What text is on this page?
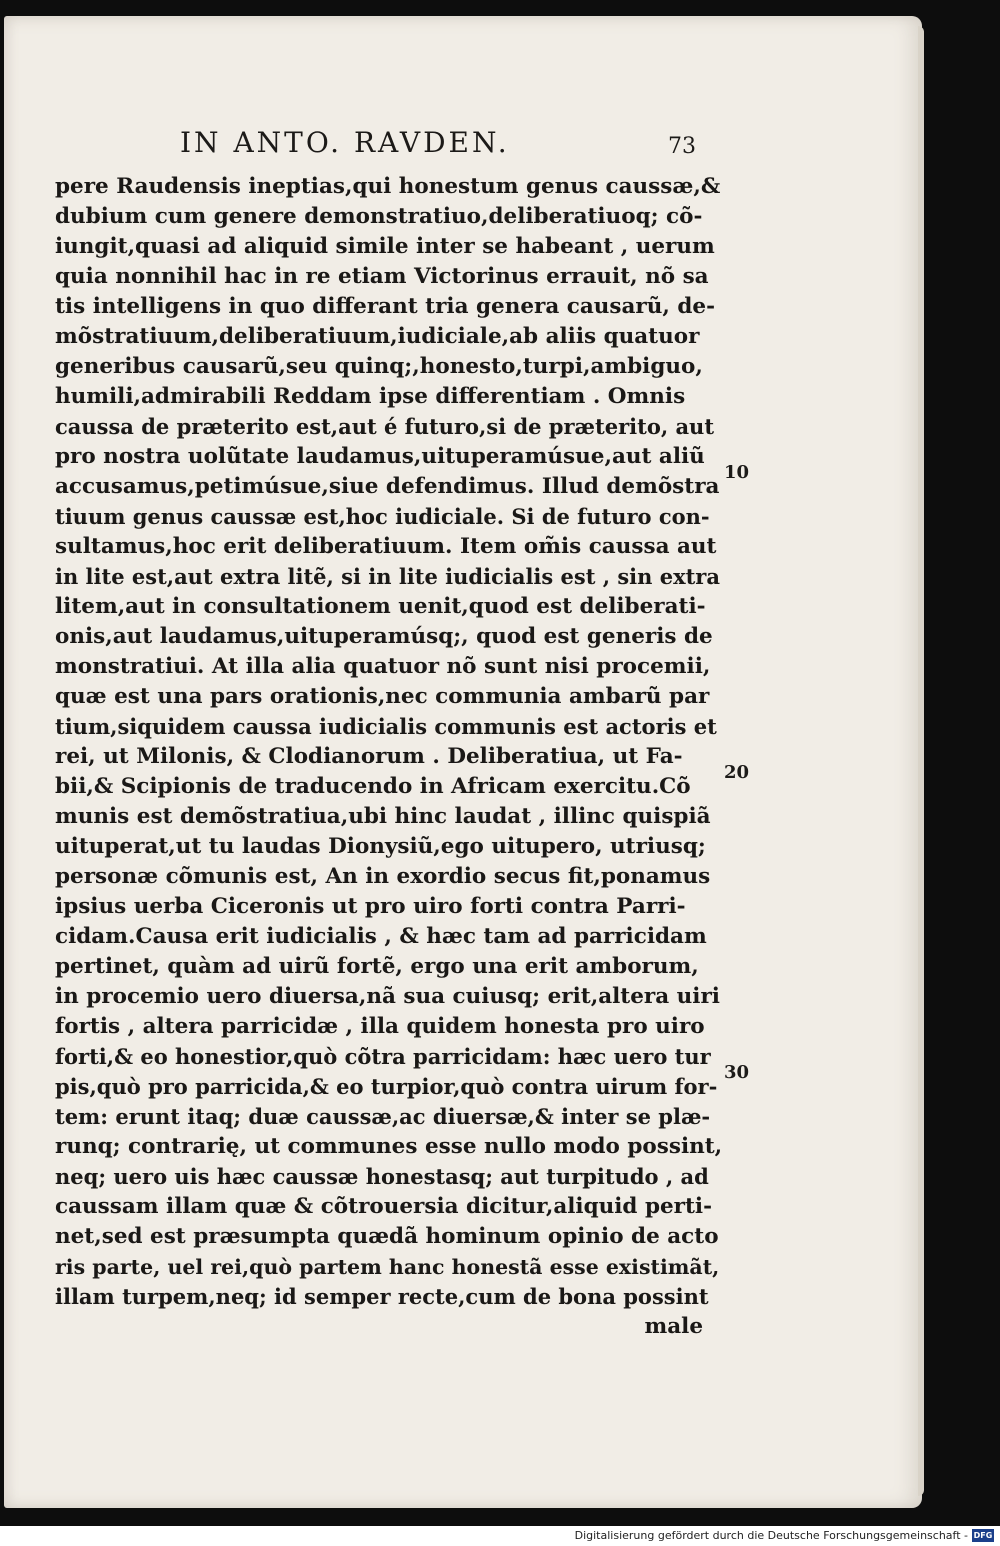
IN ANTO. RAVDEN.	73
pere Raudensis ineptias,qui honestum genus caussæ,&
dubium cum genere demonstratiuo,deliberatiuoq; cõ-
iungit,quasi ad aliquid simile inter se habeant , uerum
quia nonnihil hac in re etiam Victorinus errauit, nõ sa
tis intelligens in quo differant tria genera causarũ, de-
mõstratiuum,deliberatiuum,iudiciale,ab aliis quatuor
generibus causarũ,seu quinq;,honesto,turpi,ambiguo,
humili,admirabili Reddam ipse differentiam . Omnis
caussa de præterito est,aut é futuro,si de præterito, aut
pro nostra uolũtate laudamus,uituperamúsue,aut aliũ
accusamus,petimúsue,siue defendimus. Illud demõstra
tiuum genus caussæ est,hoc iudiciale. Si de futuro con-
sultamus,hoc erit deliberatiuum. Item om̃is caussa aut
in lite est,aut extra litẽ, si in lite iudicialis est , sin extra
litem,aut in consultationem uenit,quod est deliberati-
onis,aut laudamus,uituperamúsq;, quod est generis de
monstratiui. At illa alia quatuor nõ sunt nisi procemii,
quæ est una pars orationis,nec communia ambarũ par
tium,siquidem caussa iudicialis communis est actoris et
rei, ut Milonis, & Clodianorum . Deliberatiua, ut Fa-
bii,& Scipionis de traducendo in Africam exercitu.Cõ
munis est demõstratiua,ubi hinc laudat , illinc quispiã
uituperat,ut tu laudas Dionysiũ,ego uitupero, utriusq;
personæ cõmunis est, An in exordio secus fit,ponamus
ipsius uerba Ciceronis ut pro uiro forti contra Parri-
cidam.Causa erit iudicialis , & hæc tam ad parricidam
pertinet, quàm ad uirũ fortẽ, ergo una erit amborum,
in procemio uero diuersa,nã sua cuiusq; erit,altera uiri
fortis , altera parricidæ , illa quidem honesta pro uiro
forti,& eo honestior,quò cõtra parricidam: hæc uero tur
pis,quò pro parricida,& eo turpior,quò contra uirum for-
tem: erunt itaq; duæ caussæ,ac diuersæ,& inter se plæ-
runq; contrarię, ut communes esse nullo modo possint,
neq; uero uis hæc caussæ honestasq; aut turpitudo , ad
caussam illam quæ & cõtrouersia dicitur,aliquid perti-
net,sed est præsumpta quædã hominum opinio de acto
ris parte, uel rei,quò partem hanc honestã esse existimãt,
illam turpem,neq; id semper recte,cum de bona possint
male
10
20
30
Digitalisierung gefördert durch die Deutsche Forschungsgemeinschaft - DFG
